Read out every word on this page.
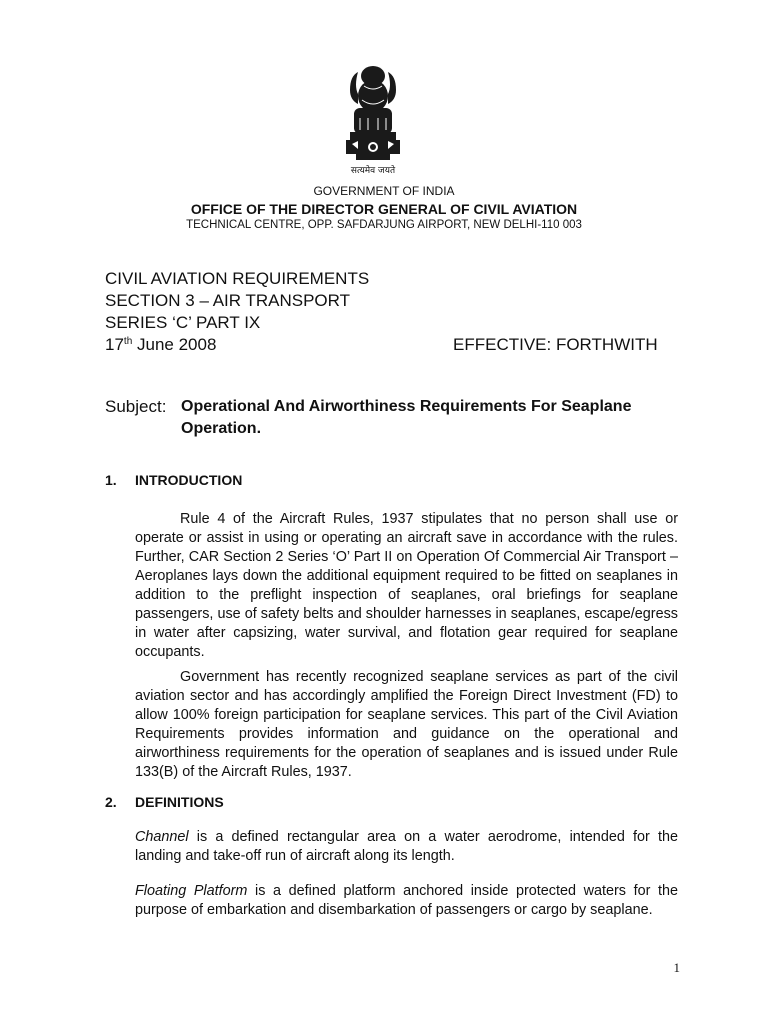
सत्यमेव जयते
GOVERNMENT OF INDIA
OFFICE OF THE DIRECTOR GENERAL OF CIVIL AVIATION
TECHNICAL CENTRE, OPP. SAFDARJUNG AIRPORT, NEW DELHI-110 003
CIVIL AVIATION REQUIREMENTS
SECTION 3 – AIR TRANSPORT
SERIES ‘C’ PART IX
17th June 2008	EFFECTIVE: FORTHWITH
Subject: Operational And Airworthiness Requirements For Seaplane Operation.
1. INTRODUCTION

Rule 4 of the Aircraft Rules, 1937 stipulates that no person shall use or operate or assist in using or operating an aircraft save in accordance with the rules. Further, CAR Section 2 Series ‘O’ Part II on Operation Of Commercial Air Transport – Aeroplanes lays down the additional equipment required to be fitted on seaplanes in addition to the preflight inspection of seaplanes, oral briefings for seaplane passengers, use of safety belts and shoulder harnesses in seaplanes, escape/egress in water after capsizing, water survival, and flotation gear required for seaplane occupants.

Government has recently recognized seaplane services as part of the civil aviation sector and has accordingly amplified the Foreign Direct Investment (FD) to allow 100% foreign participation for seaplane services. This part of the Civil Aviation Requirements provides information and guidance on the operational and airworthiness requirements for the operation of seaplanes and is issued under Rule 133(B) of the Aircraft Rules, 1937.

2. DEFINITIONS

Channel is a defined rectangular area on a water aerodrome, intended for the landing and take-off run of aircraft along its length.

Floating Platform is a defined platform anchored inside protected waters for the purpose of embarkation and disembarkation of passengers or cargo by seaplane.

1
